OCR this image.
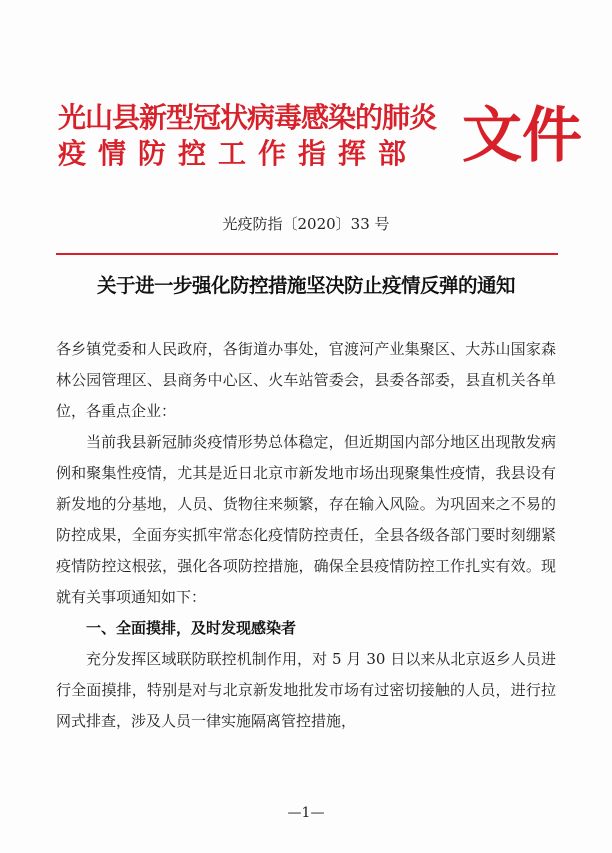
光山县新型冠状病毒感染的肺炎
疫情防控工作指挥部 文件
光疫防指〔2020〕33 号
关于进一步强化防控措施坚决防止疫情反弹的通知

各乡镇党委和人民政府，各街道办事处，官渡河产业集聚区、大苏山国家森林公园管理区、县商务中心区、火车站管委会，县委各部委，县直机关各单位，各重点企业：

当前我县新冠肺炎疫情形势总体稳定，但近期国内部分地区出现散发病例和聚集性疫情，尤其是近日北京市新发地市场出现聚集性疫情，我县设有新发地的分基地，人员、货物往来频繁，存在输入风险。为巩固来之不易的防控成果，全面夯实抓牢常态化疫情防控责任，全县各级各部门要时刻绷紧疫情防控这根弦，强化各项防控措施，确保全县疫情防控工作扎实有效。现就有关事项通知如下：

一、全面摸排，及时发现感染者

充分发挥区域联防联控机制作用，对 5 月 30 日以来从北京返乡人员进行全面摸排，特别是对与北京新发地批发市场有过密切接触的人员，进行拉网式排查，涉及人员一律实施隔离管控措施，

—1—
